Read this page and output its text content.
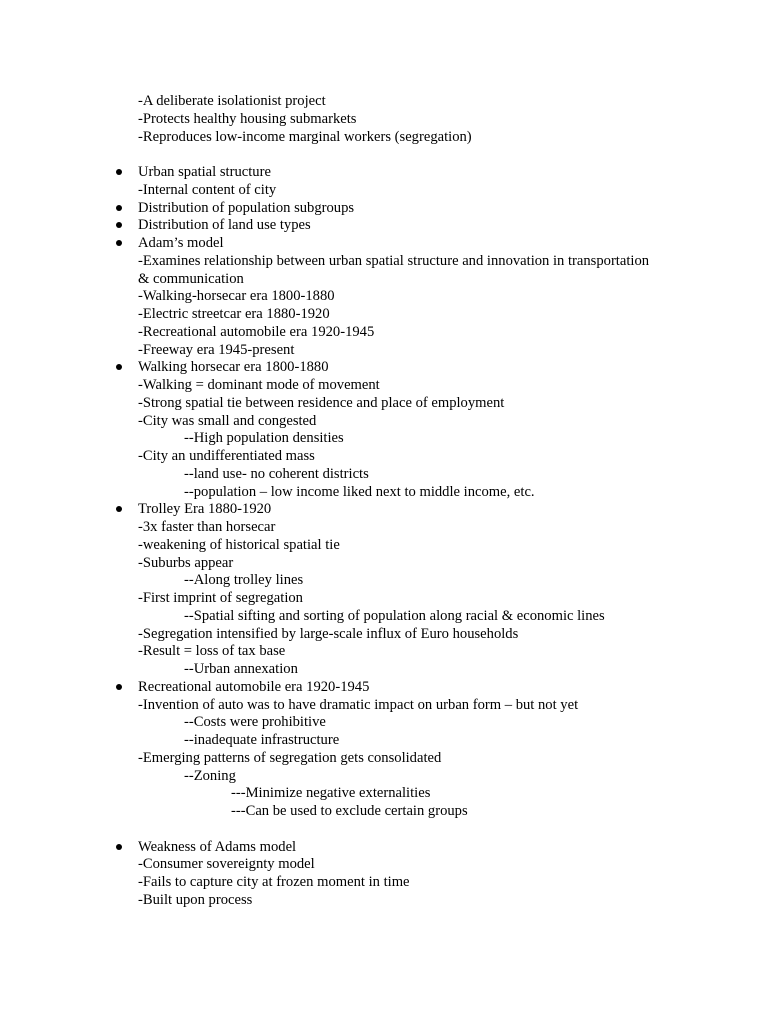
-A deliberate isolationist project
-Protects healthy housing submarkets
-Reproduces low-income marginal workers (segregation)
Urban spatial structure
-Internal content of city
Distribution of population subgroups
Distribution of land use types
Adam’s model
-Examines relationship between urban spatial structure and innovation in transportation
& communication
-Walking-horsecar era 1800-1880
-Electric streetcar era 1880-1920
-Recreational automobile era 1920-1945
-Freeway era 1945-present
Walking horsecar era 1800-1880
-Walking = dominant mode of movement
-Strong spatial tie between residence and place of employment
-City was small and congested
--High population densities
-City an undifferentiated mass
--land use- no coherent districts
--population – low income liked next to middle income, etc.
Trolley Era 1880-1920
-3x faster than horsecar
-weakening of historical spatial tie
-Suburbs appear
--Along trolley lines
-First imprint of segregation
--Spatial sifting and sorting of population along racial & economic lines
-Segregation intensified by large-scale influx of Euro households
-Result = loss of tax base
--Urban annexation
Recreational automobile era 1920-1945
-Invention of auto was to have dramatic impact on urban form – but not yet
--Costs were prohibitive
--inadequate infrastructure
-Emerging patterns of segregation gets consolidated
--Zoning
---Minimize negative externalities
---Can be used to exclude certain groups
Weakness of Adams model
-Consumer sovereignty model
-Fails to capture city at frozen moment in time
-Built upon process
